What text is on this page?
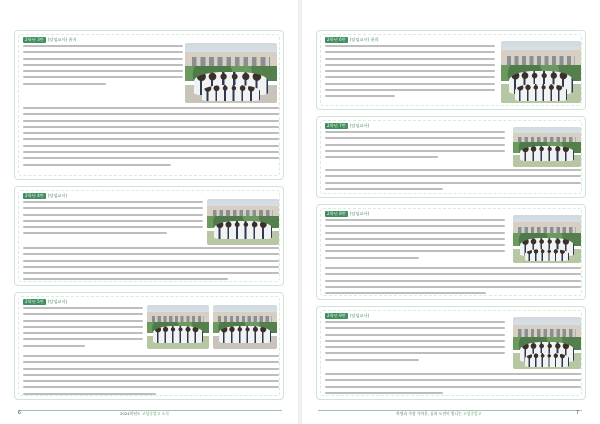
2학년 3반 (담임교사) 윤지
2학년 4반 (담임교사)
2학년 5반 (담임교사)
6	2024학년도 고성중앙고 소식
2학년 6반 (담임교사) 윤희
2학년 7반 (담임교사)
2학년 8반 (담임교사)
2학년 9반 (담임교사)
학생과 가장 가까운, 꿈과 도전이 빛나는 고성중앙고	7
